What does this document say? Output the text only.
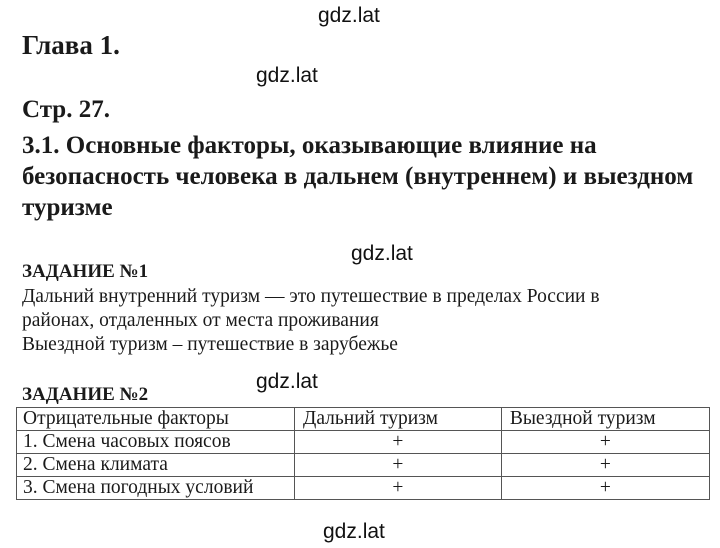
gdz.lat
gdz.lat
gdz.lat
gdz.lat
gdz.lat
Глава 1.
Стр. 27.
3.1. Основные факторы, оказывающие влияние на безопасность человека в дальнем (внутреннем) и выездном туризме
ЗАДАНИЕ №1
Дальний внутренний туризм — это путешествие в пределах России в
районах, отдаленных от места проживания
Выездной туризм – путешествие в зарубежье
ЗАДАНИЕ №2
Отрицательные факторы	Дальний туризм	Выездной туризм
1. Смена часовых поясов	+	+
2. Смена климата	+	+
3. Смена погодных условий	+	+
